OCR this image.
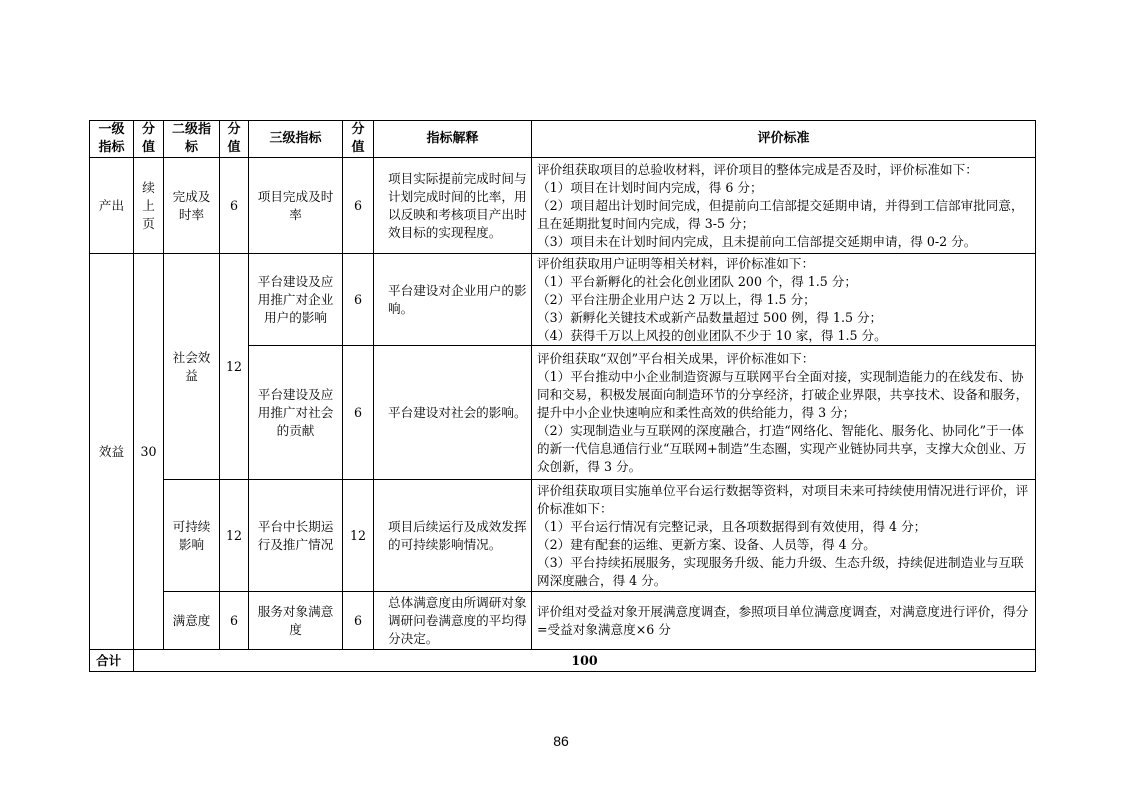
一级指标	分值	二级指标	分值	三级指标	分值	指标解释	评价标准
产出	续上页	完成及时率	6	项目完成及时率	6	项目实际提前完成时间与计划完成时间的比率，用以反映和考核项目产出时效目标的实现程度。	评价组获取项目的总验收材料，评价项目的整体完成是否及时，评价标准如下：
（1）项目在计划时间内完成，得 6 分；
（2）项目超出计划时间完成，但提前向工信部提交延期申请，并得到工信部审批同意，且在延期批复时间内完成，得 3-5 分；
（3）项目未在计划时间内完成，且未提前向工信部提交延期申请，得 0-2 分。

效益	30	社会效益	12	平台建设及应用推广对企业用户的影响	6	平台建设对企业用户的影响。	评价组获取用户证明等相关材料，评价标准如下：
（1）平台新孵化的社会化创业团队 200 个，得 1.5 分；
（2）平台注册企业用户达 2 万以上，得 1.5 分；
（3）新孵化关键技术或新产品数量超过 500 例，得 1.5 分；
（4）获得千万以上风投的创业团队不少于 10 家，得 1.5 分。

				平台建设及应用推广对社会的贡献	6	平台建设对社会的影响。	评价组获取“双创”平台相关成果，评价标准如下：
（1）平台推动中小企业制造资源与互联网平台全面对接，实现制造能力的在线发布、协同和交易，积极发展面向制造环节的分享经济，打破企业界限，共享技术、设备和服务，提升中小企业快速响应和柔性高效的供给能力，得 3 分；
（2）实现制造业与互联网的深度融合，打造“网络化、智能化、服务化、协同化”于一体的新一代信息通信行业“互联网+制造”生态圈，实现产业链协同共享，支撑大众创业、万众创新，得 3 分。

		可持续影响	12	平台中长期运行及推广情况	12	项目后续运行及成效发挥的可持续影响情况。	评价组获取项目实施单位平台运行数据等资料，对项目未来可持续使用情况进行评价，评价标准如下：
（1）平台运行情况有完整记录，且各项数据得到有效使用，得 4 分；
（2）建有配套的运维、更新方案、设备、人员等，得 4 分。
（3）平台持续拓展服务，实现服务升级、能力升级、生态升级，持续促进制造业与互联网深度融合，得 4 分。

		满意度	6	服务对象满意度	6	总体满意度由所调研对象调研问卷满意度的平均得分决定。	评价组对受益对象开展满意度调查，参照项目单位满意度调查，对满意度进行评价，得分=受益对象满意度×6 分

合计	100						
86
